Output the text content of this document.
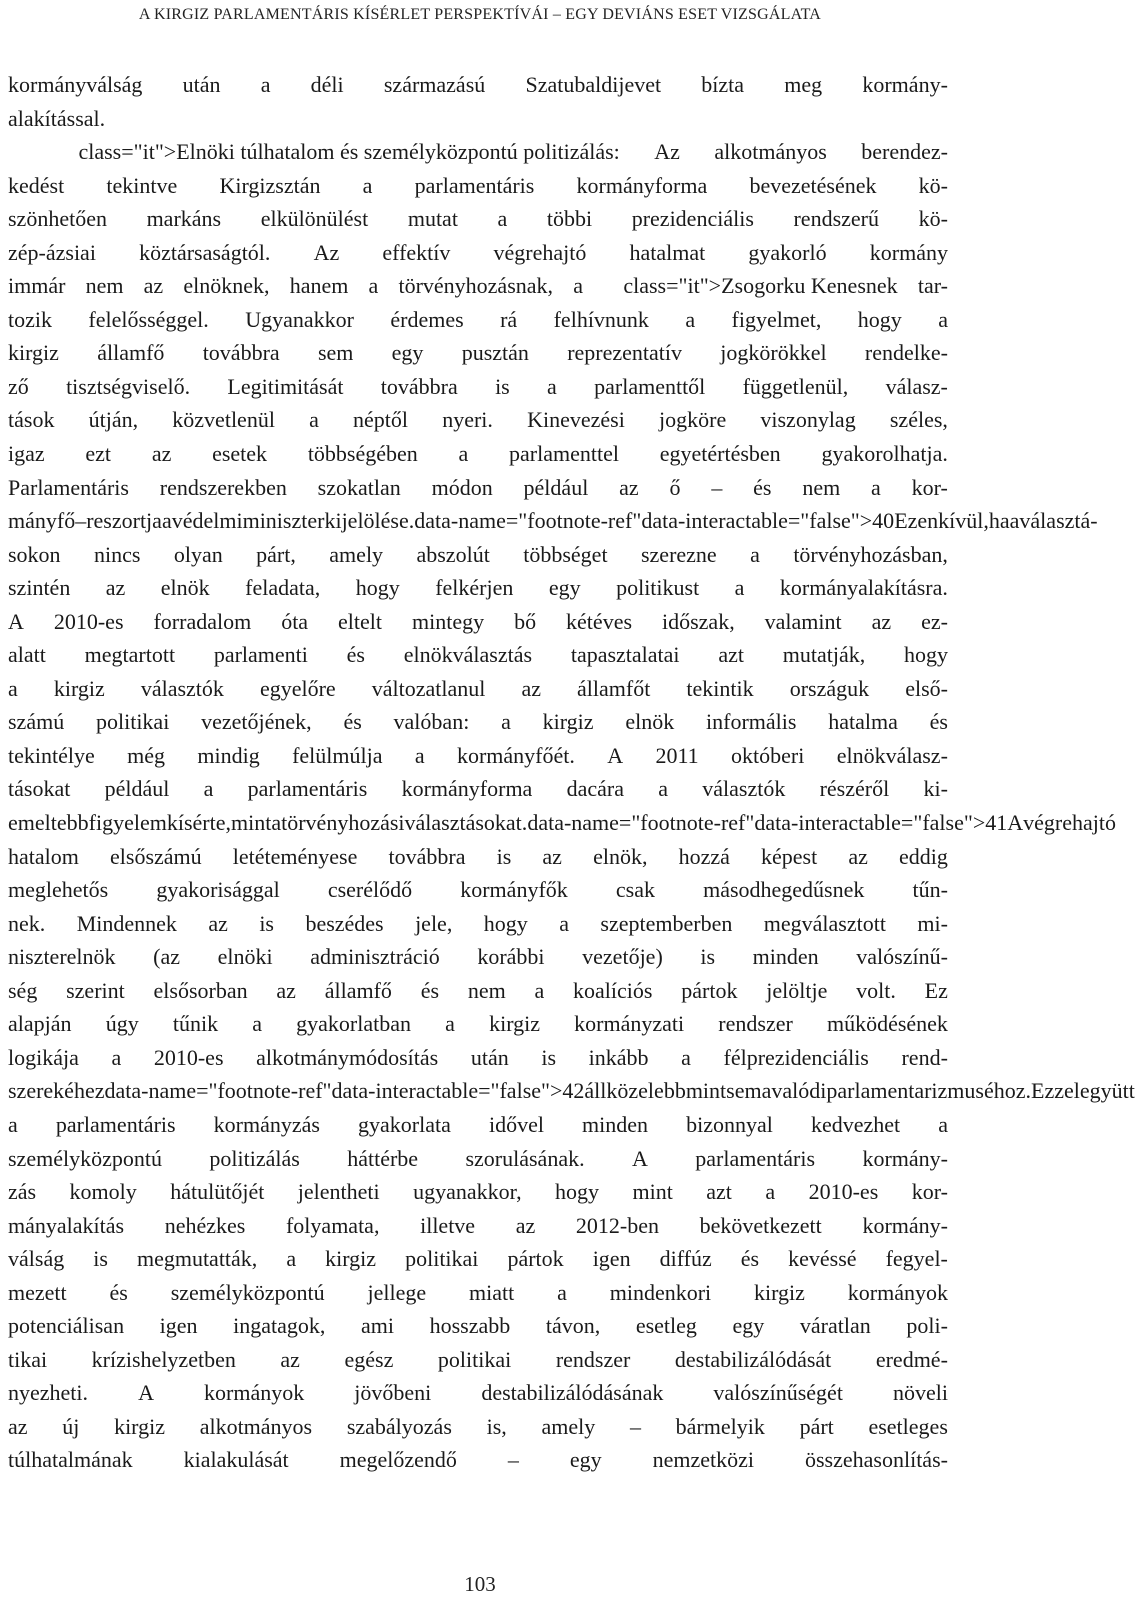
A KIRGIZ PARLAMENTÁRIS KÍSÉRLET PERSPEKTÍVÁI – EGY DEVIÁNS ESET VIZSGÁLATA
kormányválság után a déli származású Szatubaldijevet bízta meg kormány-
alakítással.
class="it">Elnöki túlhatalom és személyközpontú politizálás: Az alkotmányos berendez-
kedést tekintve Kirgizsztán a parlamentáris kormányforma bevezetésének kö-
szönhetően markáns elkülönülést mutat a többi prezidenciális rendszerű kö-
zép-ázsiai köztársaságtól. Az effektív végrehajtó hatalmat gyakorló kormány
immár nem az elnöknek, hanem a törvényhozásnak, a class="it">Zsogorku Kenesnek tar-
tozik felelősséggel. Ugyanakkor érdemes rá felhívnunk a figyelmet, hogy a
kirgiz államfő továbbra sem egy pusztán reprezentatív jogkörökkel rendelke-
ző tisztségviselő. Legitimitását továbbra is a parlamenttől függetlenül, válasz-
tások útján, közvetlenül a néptől nyeri. Kinevezési jogköre viszonylag széles,
igaz ezt az esetek többségében a parlamenttel egyetértésben gyakorolhatja.
Parlamentáris rendszerekben szokatlan módon például az ő – és nem a kor-
mányfő – reszortja a védelmi miniszter kijelölése. data-name="footnote-ref" data-interactable="false">40 Ezenkívül, ha a választá-
sokon nincs olyan párt, amely abszolút többséget szerezne a törvényhozásban,
szintén az elnök feladata, hogy felkérjen egy politikust a kormányalakításra.
A 2010-es forradalom óta eltelt mintegy bő kétéves időszak, valamint az ez-
alatt megtartott parlamenti és elnökválasztás tapasztalatai azt mutatják, hogy
a kirgiz választók egyelőre változatlanul az államfőt tekintik országuk első-
számú politikai vezetőjének, és valóban: a kirgiz elnök informális hatalma és
tekintélye még mindig felülmúlja a kormányfőét. A 2011 októberi elnökválasz-
tásokat például a parlamentáris kormányforma dacára a választók részéről ki-
emeltebb figyelem kísérte, mint a törvényhozási választásokat. data-name="footnote-ref" data-interactable="false">41 A végrehajtó
hatalom elsőszámú letéteményese továbbra is az elnök, hozzá képest az eddig
meglehetős gyakorisággal cserélődő kormányfők csak másodhegedűsnek tűn-
nek. Mindennek az is beszédes jele, hogy a szeptemberben megválasztott mi-
niszterelnök (az elnöki adminisztráció korábbi vezetője) is minden valószínű-
ség szerint elsősorban az államfő és nem a koalíciós pártok jelöltje volt. Ez
alapján úgy tűnik a gyakorlatban a kirgiz kormányzati rendszer működésének
logikája a 2010-es alkotmánymódosítás után is inkább a félprezidenciális rend-
szerekéhez data-name="footnote-ref" data-interactable="false">42 áll közelebb mintsem a valódi parlamentarizmuséhoz. Ezzel együtt
a parlamentáris kormányzás gyakorlata idővel minden bizonnyal kedvezhet a
személyközpontú politizálás háttérbe szorulásának. A parlamentáris kormány-
zás komoly hátulütőjét jelentheti ugyanakkor, hogy mint azt a 2010-es kor-
mányalakítás nehézkes folyamata, illetve az 2012-ben bekövetkezett kormány-
válság is megmutatták, a kirgiz politikai pártok igen diffúz és kevéssé fegyel-
mezett és személyközpontú jellege miatt a mindenkori kirgiz kormányok
potenciálisan igen ingatagok, ami hosszabb távon, esetleg egy váratlan poli-
tikai krízishelyzetben az egész politikai rendszer destabilizálódását eredmé-
nyezheti. A kormányok jövőbeni destabilizálódásának valószínűségét növeli
az új kirgiz alkotmányos szabályozás is, amely – bármelyik párt esetleges
túlhatalmának kialakulását megelőzendő – egy nemzetközi összehasonlítás-
103
